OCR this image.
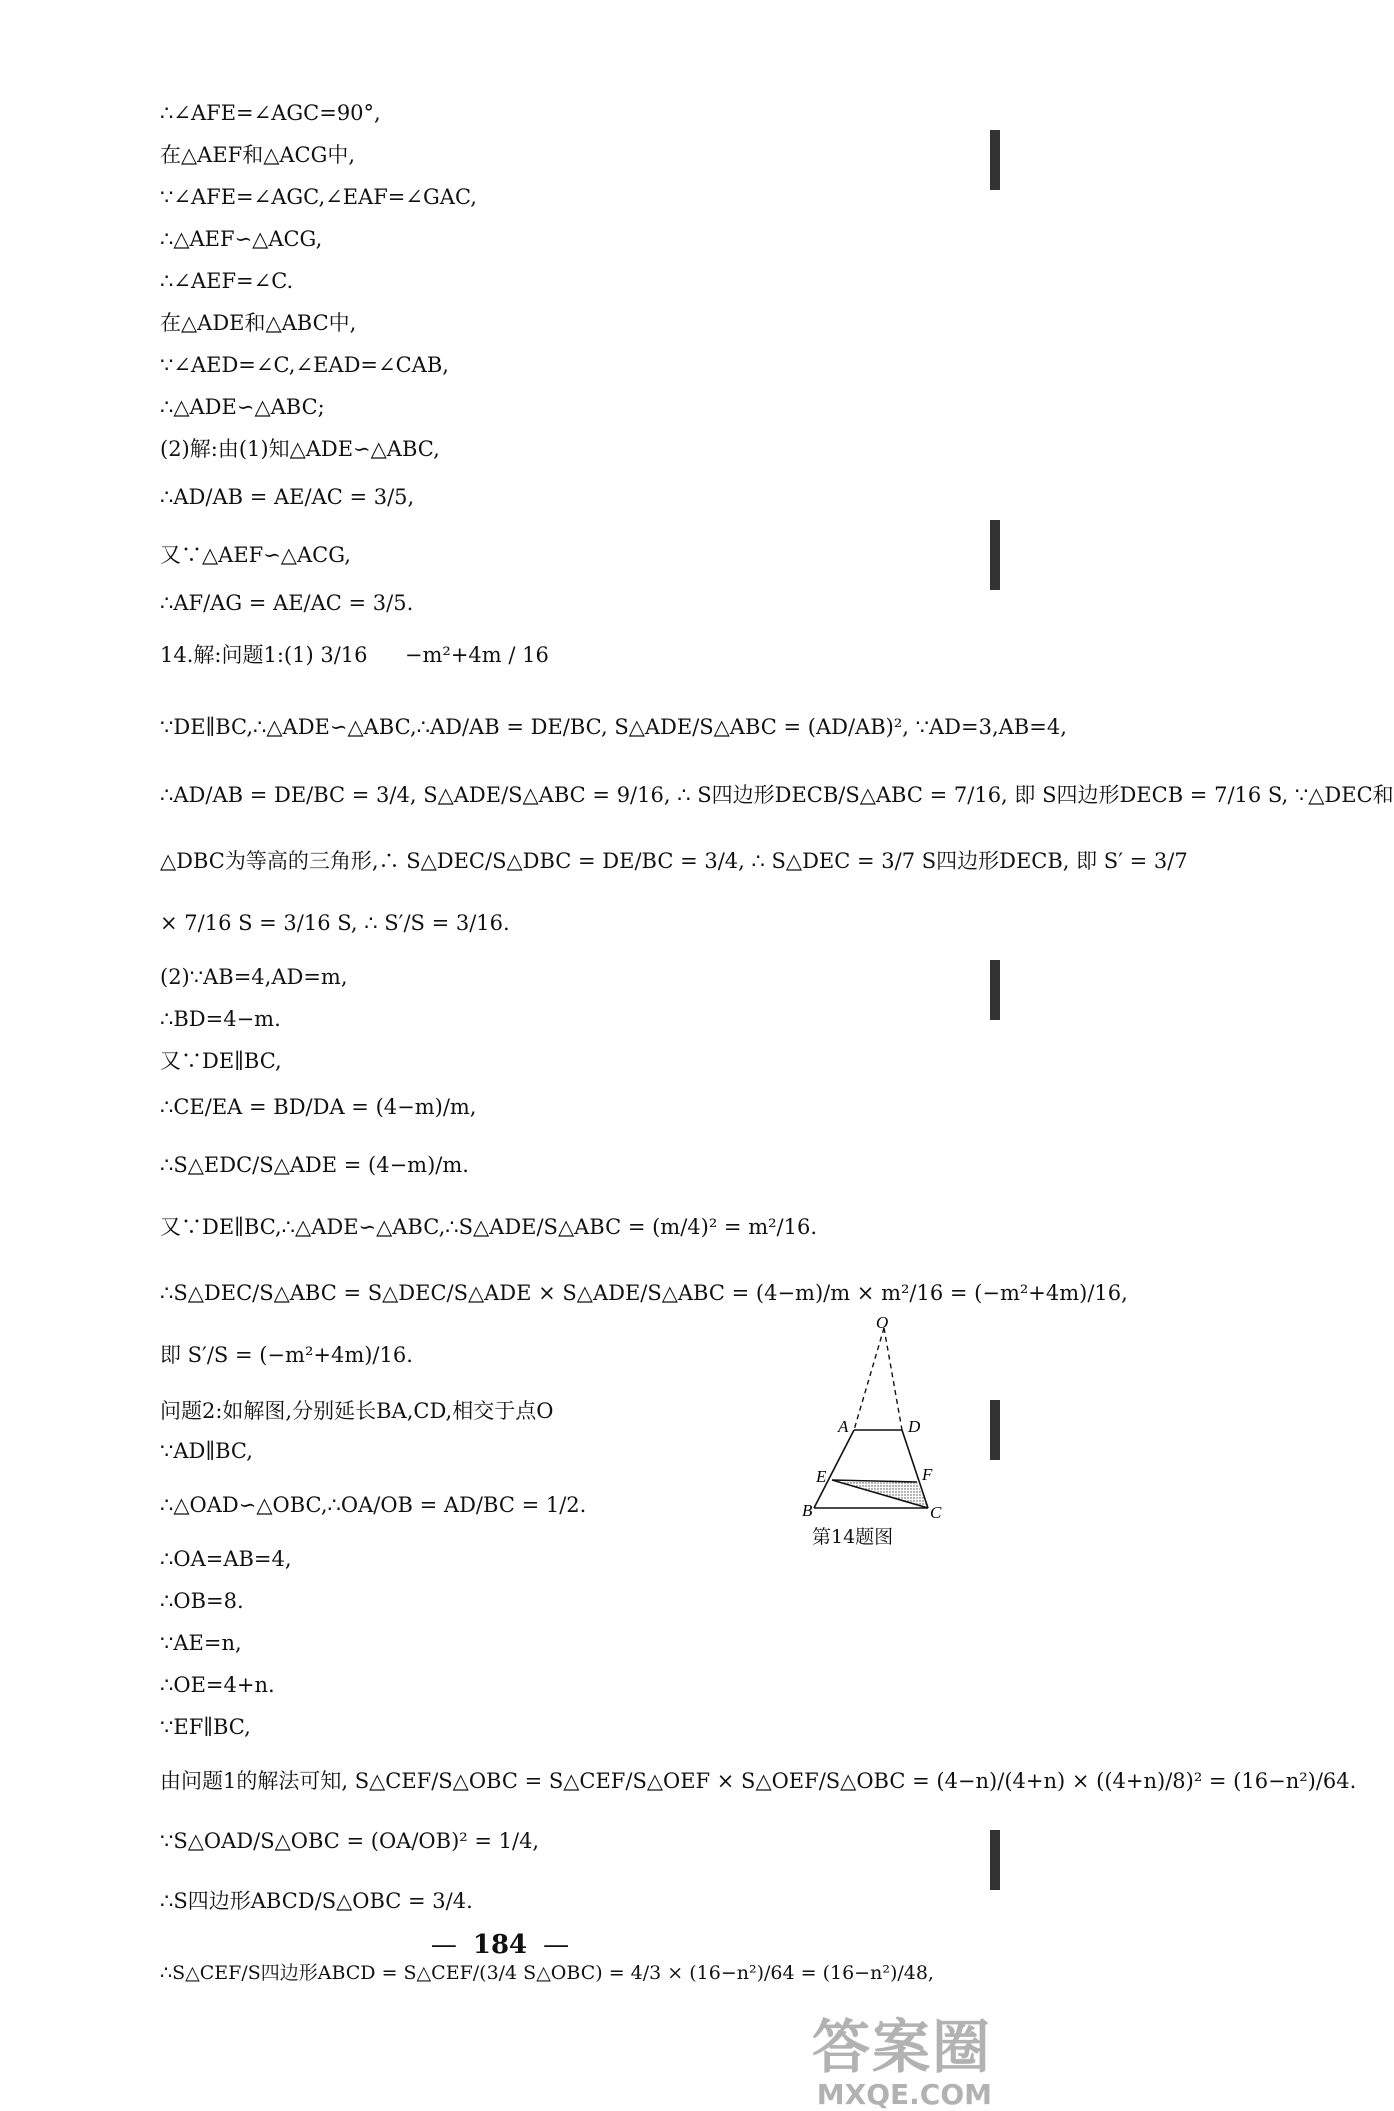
∴∠AFE=∠AGC=90°,
在△AEF和△ACG中,
∵∠AFE=∠AGC,∠EAF=∠GAC,
∴△AEF∽△ACG,
∴∠AEF=∠C.
在△ADE和△ABC中,
∵∠AED=∠C,∠EAD=∠CAB,
∴△ADE∽△ABC;
(2)解:由(1)知△ADE∽△ABC,
∴AD/AB = AE/AC = 3/5,
又∵△AEF∽△ACG,
∴AF/AG = AE/AC = 3/5.
14.解:问题1:(1) 3/16 −m²+4m / 16
∵DE∥BC,∴△ADE∽△ABC,∴AD/AB = DE/BC, S△ADE/S△ABC = (AD/AB)², ∵AD=3,AB=4,
∴AD/AB = DE/BC = 3/4, S△ADE/S△ABC = 9/16, ∴ S四边形DECB/S△ABC = 7/16, 即 S四边形DECB = 7/16 S, ∵△DEC和
△DBC为等高的三角形,∴ S△DEC/S△DBC = DE/BC = 3/4, ∴ S△DEC = 3/7 S四边形DECB, 即 S′ = 3/7
× 7/16 S = 3/16 S, ∴ S′/S = 3/16.
(2)∵AB=4,AD=m,
∴BD=4−m.
又∵DE∥BC,
∴CE/EA = BD/DA = (4−m)/m,
∴S△EDC/S△ADE = (4−m)/m.
又∵DE∥BC,∴△ADE∽△ABC,∴S△ADE/S△ABC = (m/4)² = m²/16.
∴S△DEC/S△ABC = S△DEC/S△ADE × S△ADE/S△ABC = (4−m)/m × m²/16 = (−m²+4m)/16,
即 S′/S = (−m²+4m)/16.
问题2:如解图,分别延长BA,CD,相交于点O
∵AD∥BC,
∴△OAD∽△OBC,∴OA/OB = AD/BC = 1/2.
∴OA=AB=4,
∴OB=8.
∵AE=n,
∴OE=4+n.
∵EF∥BC,
由问题1的解法可知, S△CEF/S△OBC = S△CEF/S△OEF × S△OEF/S△OBC = (4−n)/(4+n) × ((4+n)/8)² = (16−n²)/64.
∵S△OAD/S△OBC = (OA/OB)² = 1/4,
∴S四边形ABCD/S△OBC = 3/4.
∴S△CEF/S四边形ABCD = S△CEF/(3/4 S△OBC) = 4/3 × (16−n²)/64 = (16−n²)/48,
O
A	D
E	F
B	C
第14题图
— 184 —
答案圈
MXQE.COM
